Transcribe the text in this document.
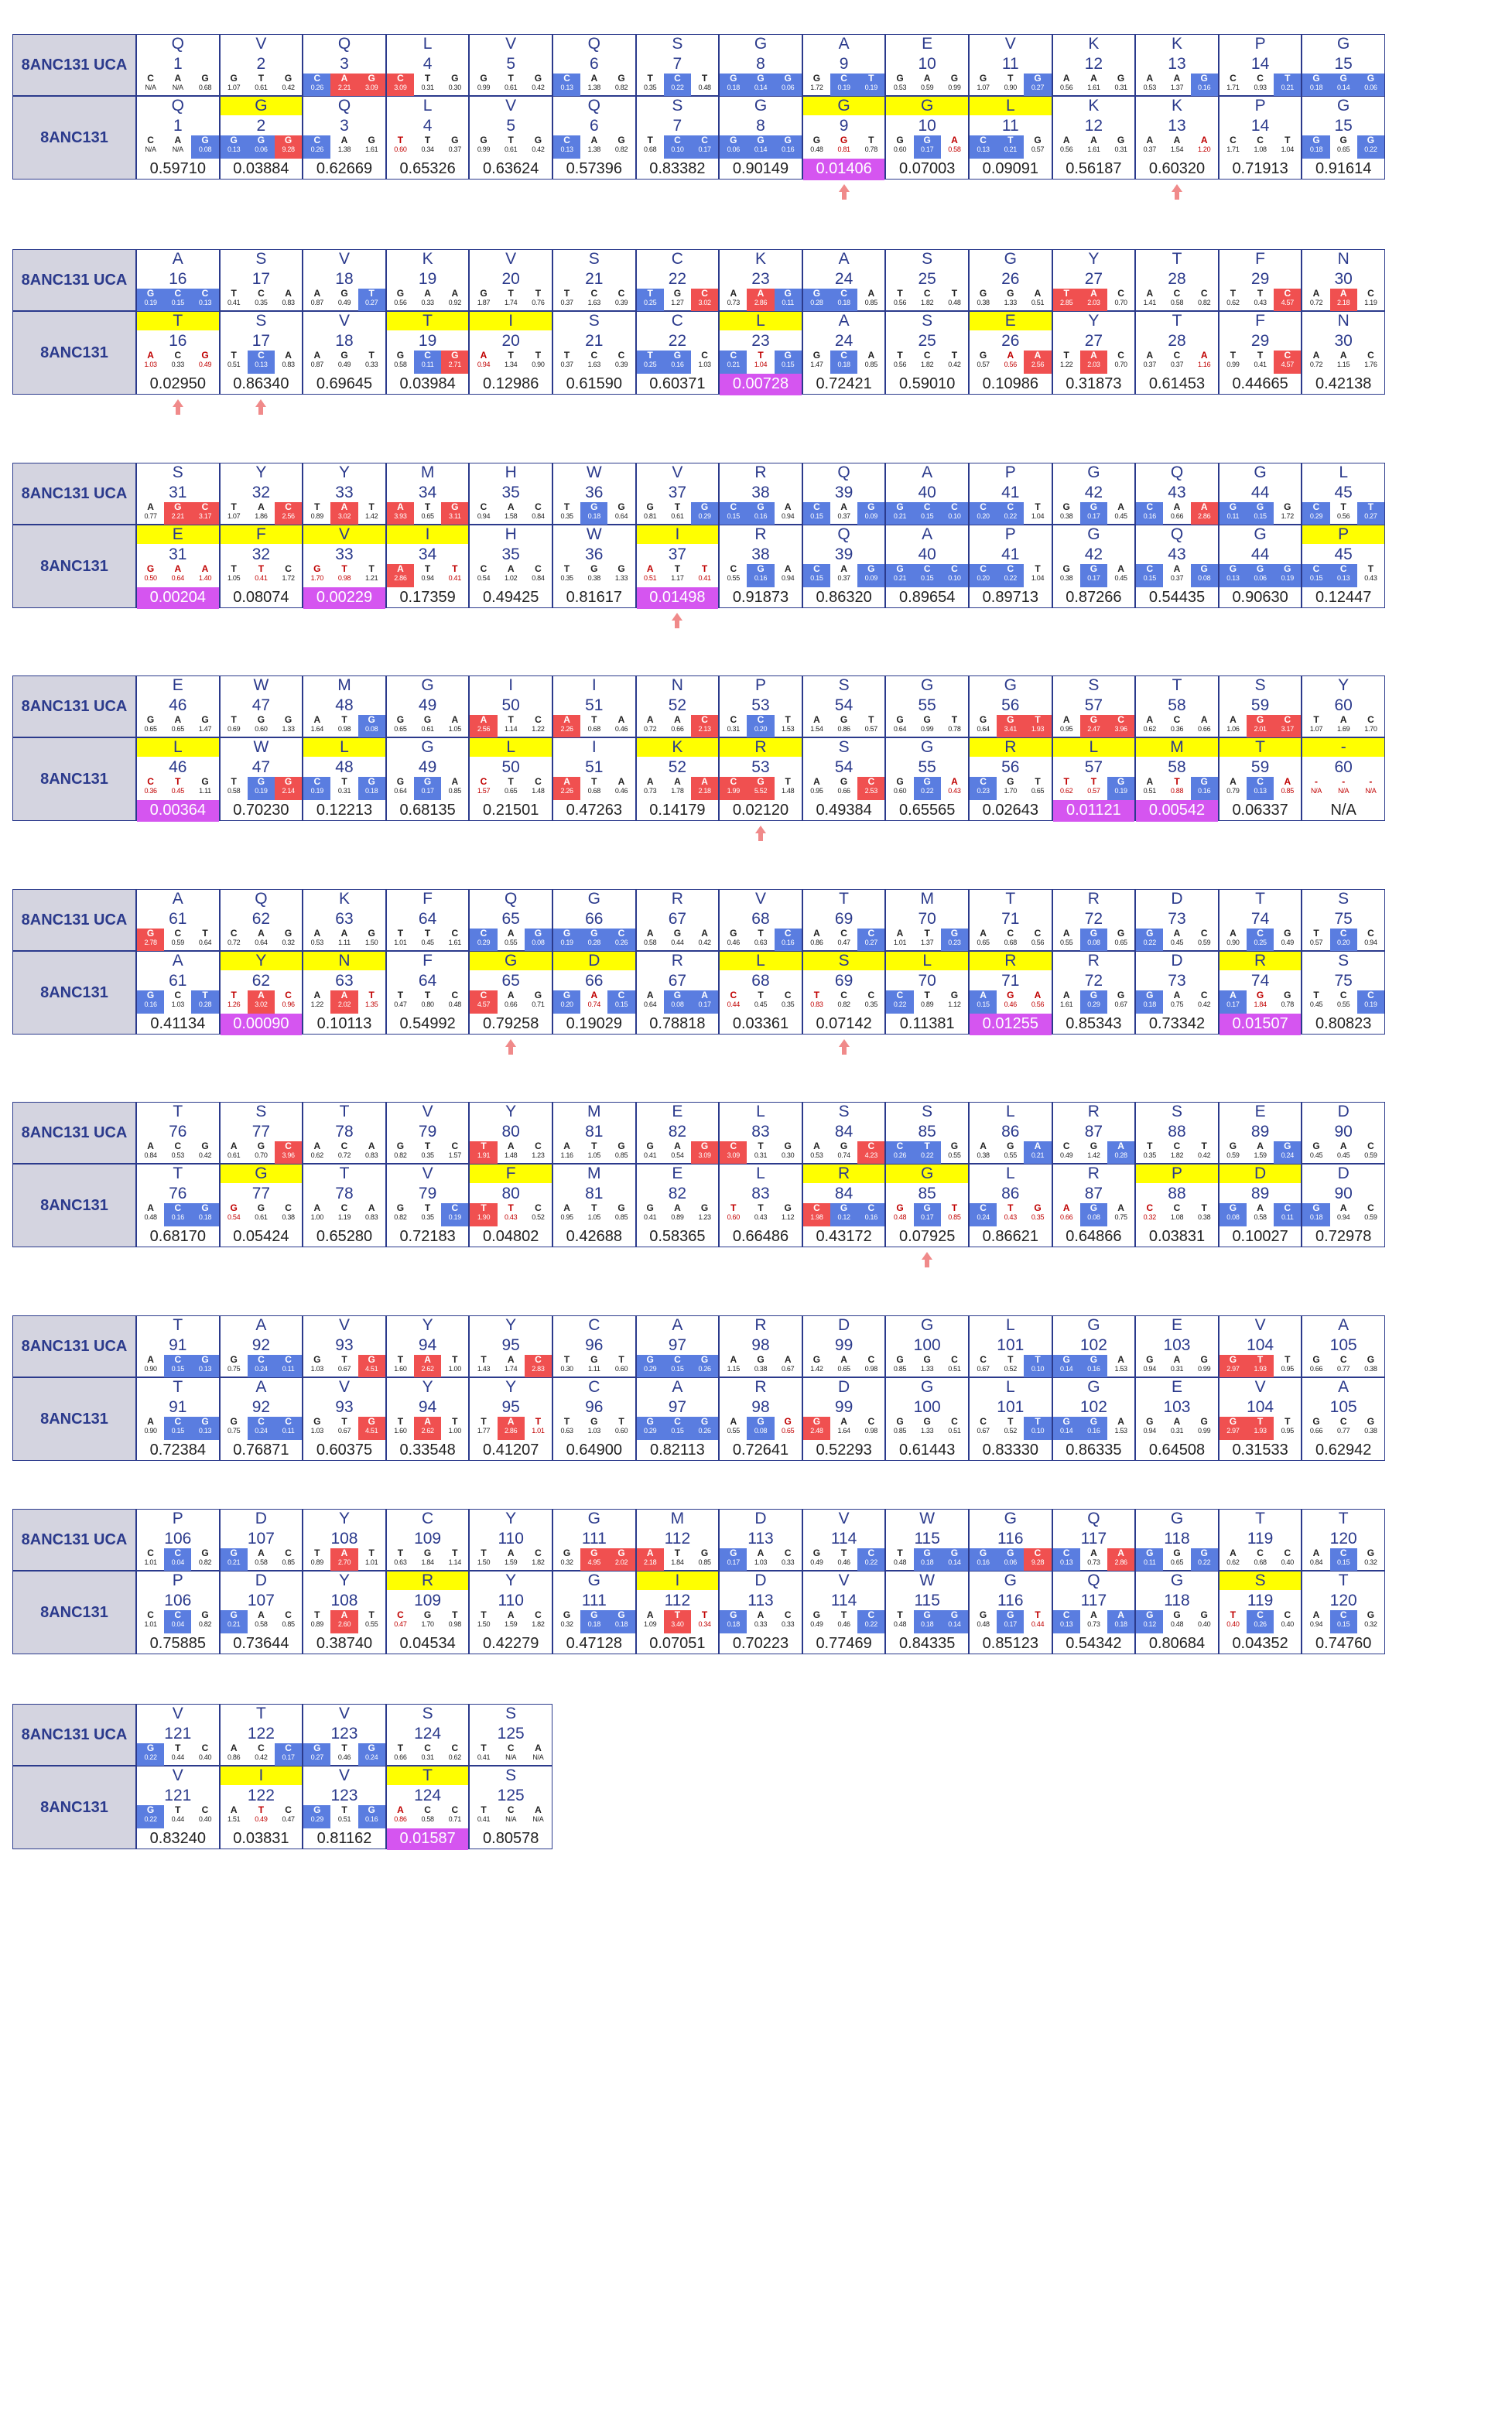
8ANC131 UCA
8ANC131
Q
1
C
N/A
A
N/A
G
0.68
Q
1
C
N/A
A
N/A
G
0.08
0.59710
V
2
G
1.07
T
0.61
G
0.42
G
2
G
0.13
G
0.06
G
9.28
0.03884
Q
3
C
0.26
A
2.21
G
3.09
Q
3
C
0.26
A
1.38
G
1.61
0.62669
L
4
C
3.09
T
0.31
G
0.30
L
4
T
0.60
T
0.34
G
0.37
0.65326
V
5
G
0.99
T
0.61
G
0.42
V
5
G
0.99
T
0.61
G
0.42
0.63624
Q
6
C
0.13
A
1.38
G
0.82
Q
6
C
0.13
A
1.38
G
0.82
0.57396
S
7
T
0.35
C
0.22
T
0.48
S
7
T
0.68
C
0.10
C
0.17
0.83382
G
8
G
0.18
G
0.14
G
0.06
G
8
G
0.06
G
0.14
G
0.16
0.90149
A
9
G
1.72
C
0.19
T
0.19
G
9
G
0.48
G
0.81
T
0.78
0.01406
E
10
G
0.53
A
0.59
G
0.99
G
10
G
0.60
G
0.17
A
0.58
0.07003
V
11
G
1.07
T
0.90
G
0.27
L
11
C
0.13
T
0.21
G
0.57
0.09091
K
12
A
0.56
A
1.61
G
0.31
K
12
A
0.56
A
1.61
G
0.31
0.56187
K
13
A
0.53
A
1.37
G
0.16
K
13
A
0.37
A
1.54
A
1.20
0.60320
P
14
C
1.71
C
0.93
T
0.21
P
14
C
1.71
C
1.08
T
1.04
0.71913
G
15
G
0.18
G
0.14
G
0.06
G
15
G
0.18
G
0.65
G
0.22
0.91614
8ANC131 UCA
8ANC131
A
16
G
0.19
C
0.15
C
0.13
T
16
A
1.03
C
0.33
G
0.49
0.02950
S
17
T
0.41
C
0.35
A
0.83
S
17
T
0.51
C
0.13
A
0.83
0.86340
V
18
A
0.87
G
0.49
T
0.27
V
18
A
0.87
G
0.49
T
0.33
0.69645
K
19
G
0.56
A
0.33
A
0.92
T
19
G
0.58
C
0.11
G
2.71
0.03984
V
20
G
1.87
T
1.74
T
0.76
I
20
A
0.94
T
1.34
T
0.90
0.12986
S
21
T
0.37
C
1.63
C
0.39
S
21
T
0.37
C
1.63
C
0.39
0.61590
C
22
T
0.25
G
1.27
C
3.02
C
22
T
0.25
G
0.16
C
1.03
0.60371
K
23
A
0.73
A
2.86
G
0.11
L
23
C
0.21
T
1.04
G
0.15
0.00728
A
24
G
0.28
C
0.18
A
0.85
A
24
G
1.47
C
0.18
A
0.85
0.72421
S
25
T
0.56
C
1.82
T
0.48
S
25
T
0.56
C
1.82
T
0.42
0.59010
G
26
G
0.38
G
1.33
A
0.51
E
26
G
0.57
A
0.56
A
2.56
0.10986
Y
27
T
2.85
A
2.03
C
0.70
Y
27
T
1.22
A
2.03
C
0.70
0.31873
T
28
A
1.41
C
0.58
C
0.82
T
28
A
0.37
C
0.37
A
1.16
0.61453
F
29
T
0.62
T
0.43
C
4.57
F
29
T
0.99
T
0.41
C
4.57
0.44665
N
30
A
0.72
A
2.18
C
1.19
N
30
A
0.72
A
1.15
C
1.76
0.42138
8ANC131 UCA
8ANC131
S
31
A
0.77
G
2.21
C
3.17
E
31
G
0.50
A
0.64
A
1.40
0.00204
Y
32
T
1.07
A
1.86
C
2.56
F
32
T
1.05
T
0.41
C
1.72
0.08074
Y
33
T
0.89
A
3.02
T
1.42
V
33
G
1.70
T
0.98
T
1.21
0.00229
M
34
A
3.93
T
0.65
G
3.11
I
34
A
2.86
T
0.94
T
0.41
0.17359
H
35
C
0.94
A
1.58
C
0.84
H
35
C
0.54
A
1.02
C
0.84
0.49425
W
36
T
0.35
G
0.18
G
0.64
W
36
T
0.35
G
0.38
G
1.33
0.81617
V
37
G
0.81
T
0.61
G
0.29
I
37
A
0.51
T
1.17
T
0.41
0.01498
R
38
C
0.15
G
0.16
A
0.94
R
38
C
0.55
G
0.16
A
0.94
0.91873
Q
39
C
0.15
A
0.37
G
0.09
Q
39
C
0.15
A
0.37
G
0.09
0.86320
A
40
G
0.21
C
0.15
C
0.10
A
40
G
0.21
C
0.15
C
0.10
0.89654
P
41
C
0.20
C
0.22
T
1.04
P
41
C
0.20
C
0.22
T
1.04
0.89713
G
42
G
0.38
G
0.17
A
0.45
G
42
G
0.38
G
0.17
A
0.45
0.87266
Q
43
C
0.16
A
0.66
A
2.86
Q
43
C
0.15
A
0.37
G
0.08
0.54435
G
44
G
0.11
G
0.15
G
1.72
G
44
G
0.13
G
0.06
G
0.19
0.90630
L
45
C
0.29
T
0.56
T
0.27
P
45
C
0.15
C
0.13
T
0.43
0.12447
8ANC131 UCA
8ANC131
E
46
G
0.65
A
0.65
G
1.47
L
46
C
0.36
T
0.45
G
1.11
0.00364
W
47
T
0.69
G
0.60
G
1.33
W
47
T
0.58
G
0.19
G
2.14
0.70230
M
48
A
1.64
T
0.98
G
0.08
L
48
C
0.19
T
0.31
G
0.18
0.12213
G
49
G
0.65
G
0.61
A
1.05
G
49
G
0.64
G
0.17
A
0.85
0.68135
I
50
A
2.56
T
1.14
C
1.22
L
50
C
1.57
T
0.65
C
1.48
0.21501
I
51
A
2.26
T
0.68
A
0.46
I
51
A
2.26
T
0.68
A
0.46
0.47263
N
52
A
0.72
A
0.66
C
2.13
K
52
A
0.73
A
1.78
A
2.18
0.14179
P
53
C
0.31
C
0.20
T
1.53
R
53
C
1.99
G
5.52
T
1.48
0.02120
S
54
A
1.54
G
0.86
T
0.57
S
54
A
0.95
G
0.66
C
2.53
0.49384
G
55
G
0.64
G
0.99
T
0.78
G
55
G
0.60
G
0.22
A
0.43
0.65565
G
56
G
0.64
G
3.41
T
1.93
R
56
C
0.23
G
1.70
T
0.65
0.02643
S
57
A
0.95
G
2.47
C
3.96
L
57
T
0.62
T
0.57
G
0.19
0.01121
T
58
A
0.62
C
0.36
A
0.66
M
58
A
0.51
T
0.88
G
0.16
0.00542
S
59
A
1.06
G
2.01
C
3.17
T
59
A
0.79
C
0.13
A
0.85
0.06337
Y
60
T
1.07
A
1.69
C
1.70
-
60
-
N/A
-
N/A
-
N/A
N/A
8ANC131 UCA
8ANC131
A
61
G
2.78
C
0.59
T
0.64
A
61
G
0.16
C
1.03
T
0.28
0.41134
Q
62
C
0.72
A
0.64
G
0.32
Y
62
T
1.26
A
3.02
C
0.96
0.00090
K
63
A
0.53
A
1.11
G
1.50
N
63
A
1.22
A
2.02
T
1.35
0.10113
F
64
T
1.01
T
0.45
C
1.61
F
64
T
0.47
T
0.80
C
0.48
0.54992
Q
65
C
0.29
A
0.55
G
0.08
G
65
C
4.57
A
0.66
G
0.71
0.79258
G
66
G
0.19
G
0.28
C
0.26
D
66
G
0.20
A
0.74
C
0.15
0.19029
R
67
A
0.58
G
0.44
A
0.42
R
67
A
0.64
G
0.08
A
0.17
0.78818
V
68
G
0.46
T
0.63
C
0.16
L
68
C
0.44
T
0.45
C
0.35
0.03361
T
69
A
0.86
C
0.47
C
0.27
S
69
T
0.83
C
0.82
C
0.35
0.07142
M
70
A
1.01
T
1.37
G
0.23
L
70
C
0.22
T
0.89
G
1.12
0.11381
T
71
A
0.65
C
0.68
C
0.56
R
71
A
0.15
G
0.46
A
0.56
0.01255
R
72
A
0.55
G
0.08
G
0.65
R
72
A
1.61
G
0.29
G
0.67
0.85343
D
73
G
0.22
A
0.45
C
0.59
D
73
G
0.18
A
0.75
C
0.42
0.73342
T
74
A
0.90
C
0.25
G
0.49
R
74
A
0.17
G
1.84
G
0.78
0.01507
S
75
T
0.57
C
0.20
C
0.94
S
75
T
0.45
C
0.55
C
0.19
0.80823
8ANC131 UCA
8ANC131
T
76
A
0.84
C
0.53
G
0.42
T
76
A
0.48
C
0.16
G
0.18
0.68170
S
77
A
0.61
G
0.70
C
3.96
G
77
G
0.54
G
0.61
C
0.38
0.05424
T
78
A
0.62
C
0.72
A
0.83
T
78
A
1.00
C
1.19
A
0.83
0.65280
V
79
G
0.82
T
0.35
C
1.57
V
79
G
0.82
T
0.35
C
0.19
0.72183
Y
80
T
1.91
A
1.48
C
1.23
F
80
T
1.90
T
0.43
C
0.52
0.04802
M
81
A
1.16
T
1.05
G
0.85
M
81
A
0.95
T
1.05
G
0.85
0.42688
E
82
G
0.41
A
0.54
G
3.09
E
82
G
0.41
A
0.89
G
1.23
0.58365
L
83
C
3.09
T
0.31
G
0.30
L
83
T
0.60
T
0.43
G
1.12
0.66486
S
84
A
0.53
G
0.74
C
4.23
R
84
C
1.98
G
0.12
C
0.16
0.43172
S
85
C
0.26
T
0.22
G
0.55
G
85
G
0.48
G
0.17
T
0.85
0.07925
L
86
A
0.38
G
0.55
A
0.21
L
86
C
0.24
T
0.43
G
0.35
0.86621
R
87
C
0.49
G
1.42
A
0.28
R
87
A
0.66
G
0.08
A
0.75
0.64866
S
88
T
0.35
C
1.82
T
0.42
P
88
C
0.32
C
1.08
T
0.38
0.03831
E
89
G
0.59
A
1.59
G
0.24
D
89
G
0.08
A
0.58
C
0.11
0.10027
D
90
G
0.45
A
0.45
C
0.59
D
90
G
0.18
A
0.94
C
0.59
0.72978
8ANC131 UCA
8ANC131
T
91
A
0.90
C
0.15
G
0.13
T
91
A
0.90
C
0.15
G
0.13
0.72384
A
92
G
0.75
C
0.24
C
0.11
A
92
G
0.75
C
0.24
C
0.11
0.76871
V
93
G
1.03
T
0.67
G
4.51
V
93
G
1.03
T
0.67
G
4.51
0.60375
Y
94
T
1.60
A
2.62
T
1.00
Y
94
T
1.60
A
2.62
T
1.00
0.33548
Y
95
T
1.43
A
1.74
C
2.83
Y
95
T
1.77
A
2.86
T
1.01
0.41207
C
96
T
0.30
G
1.11
T
0.60
C
96
T
0.63
G
1.03
T
0.60
0.64900
A
97
G
0.29
C
0.15
G
0.26
A
97
G
0.29
C
0.15
G
0.26
0.82113
R
98
A
1.15
G
0.38
A
0.67
R
98
A
0.55
G
0.08
G
0.65
0.72641
D
99
G
1.42
A
0.65
C
0.98
D
99
G
2.48
A
1.64
C
0.98
0.52293
G
100
G
0.85
G
1.33
C
0.51
G
100
G
0.85
G
1.33
C
0.51
0.61443
L
101
C
0.67
T
0.52
T
0.10
L
101
C
0.67
T
0.52
T
0.10
0.83330
G
102
G
0.14
G
0.16
A
1.53
G
102
G
0.14
G
0.16
A
1.53
0.86335
E
103
G
0.94
A
0.31
G
0.99
E
103
G
0.94
A
0.31
G
0.99
0.64508
V
104
G
2.97
T
1.93
T
0.95
V
104
G
2.97
T
1.93
T
0.95
0.31533
A
105
G
0.66
C
0.77
G
0.38
A
105
G
0.66
C
0.77
G
0.38
0.62942
8ANC131 UCA
8ANC131
P
106
C
1.01
C
0.04
G
0.82
P
106
C
1.01
C
0.04
G
0.82
0.75885
D
107
G
0.21
A
0.58
C
0.85
D
107
G
0.21
A
0.58
C
0.85
0.73644
Y
108
T
0.89
A
2.70
T
1.01
Y
108
T
0.89
A
2.60
T
0.55
0.38740
C
109
T
0.63
G
1.84
T
1.14
R
109
C
0.47
G
1.70
T
0.98
0.04534
Y
110
T
1.50
A
1.59
C
1.82
Y
110
T
1.50
A
1.59
C
1.82
0.42279
G
111
G
0.32
G
4.95
G
2.02
G
111
G
0.32
G
0.18
G
0.18
0.47128
M
112
A
2.18
T
1.84
G
0.85
I
112
A
1.09
T
3.40
T
0.34
0.07051
D
113
G
0.17
A
1.03
C
0.33
D
113
G
0.18
A
0.33
C
0.33
0.70223
V
114
G
0.49
T
0.46
C
0.22
V
114
G
0.49
T
0.46
C
0.22
0.77469
W
115
T
0.48
G
0.18
G
0.14
W
115
T
0.48
G
0.18
G
0.14
0.84335
G
116
G
0.16
G
0.06
C
9.28
G
116
G
0.48
G
0.17
T
0.44
0.85123
Q
117
C
0.13
A
0.73
A
2.86
Q
117
C
0.13
A
0.73
A
0.18
0.54342
G
118
G
0.11
G
0.65
G
0.22
G
118
G
0.12
G
0.48
G
0.40
0.80684
T
119
A
0.62
C
0.68
C
0.40
S
119
T
0.40
C
0.26
C
0.40
0.04352
T
120
A
0.84
C
0.15
G
0.32
T
120
A
0.94
C
0.15
G
0.32
0.74760
8ANC131 UCA
8ANC131
V
121
G
0.22
T
0.44
C
0.40
V
121
G
0.22
T
0.44
C
0.40
0.83240
T
122
A
0.86
C
0.42
C
0.17
I
122
A
1.51
T
0.49
C
0.47
0.03831
V
123
G
0.27
T
0.46
G
0.24
V
123
G
0.29
T
0.51
G
0.16
0.81162
S
124
T
0.66
C
0.31
C
0.62
T
124
A
0.86
C
0.58
C
0.71
0.01587
S
125
T
0.41
C
N/A
A
N/A
S
125
T
0.41
C
N/A
A
N/A
0.80578
